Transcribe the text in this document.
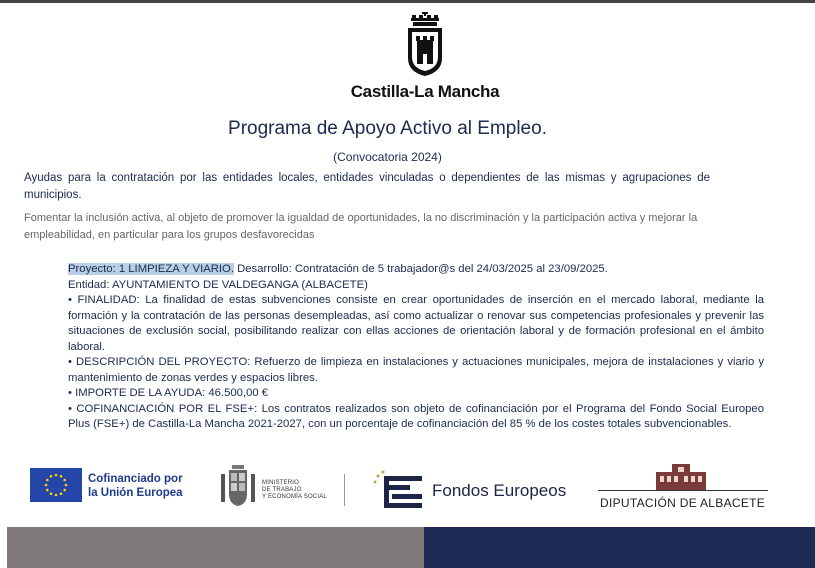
Castilla-La Mancha
Programa de Apoyo Activo al Empleo.
(Convocatoria 2024)
Ayudas para la contratación por las entidades locales, entidades vinculadas o dependientes de las mismas y agrupaciones de municipios.
Fomentar la inclusión activa, al objeto de promover la igualdad de oportunidades, la no discriminación y la participación activa y mejorar la empleabilidad, en particular para los grupos desfavorecidas
Proyecto: 1 LIMPIEZA Y VIARIO. Desarrollo: Contratación de 5 trabajador@s del 24/03/2025 al 23/09/2025.
Entidad: AYUNTAMIENTO DE VALDEGANGA (ALBACETE)
• FINALIDAD: La finalidad de estas subvenciones consiste en crear oportunidades de inserción en el mercado laboral, mediante la formación y la contratación de las personas desempleadas, así como actualizar o renovar sus competencias profesionales y prevenir las situaciones de exclusión social, posibilitando realizar con ellas acciones de orientación laboral y de formación profesional en el ámbito laboral.
• DESCRIPCIÓN DEL PROYECTO: Refuerzo de limpieza en instalaciones y actuaciones municipales, mejora de instalaciones y viario y mantenimiento de zonas verdes y espacios libres.
• IMPORTE DE LA AYUDA: 46.500,00 €
• COFINANCIACIÓN POR EL FSE+: Los contratos realizados son objeto de cofinanciación por el Programa del Fondo Social Europeo Plus (FSE+) de Castilla-La Mancha 2021-2027, con un porcentaje de cofinanciación del 85 % de los costes totales subvencionables.
Cofinanciado por
la Unión Europea
MINISTERIO
DE TRABAJO
Y ECONOMÍA SOCIAL	Fondos Europeos
DIPUTACIÓN DE ALBACETE
